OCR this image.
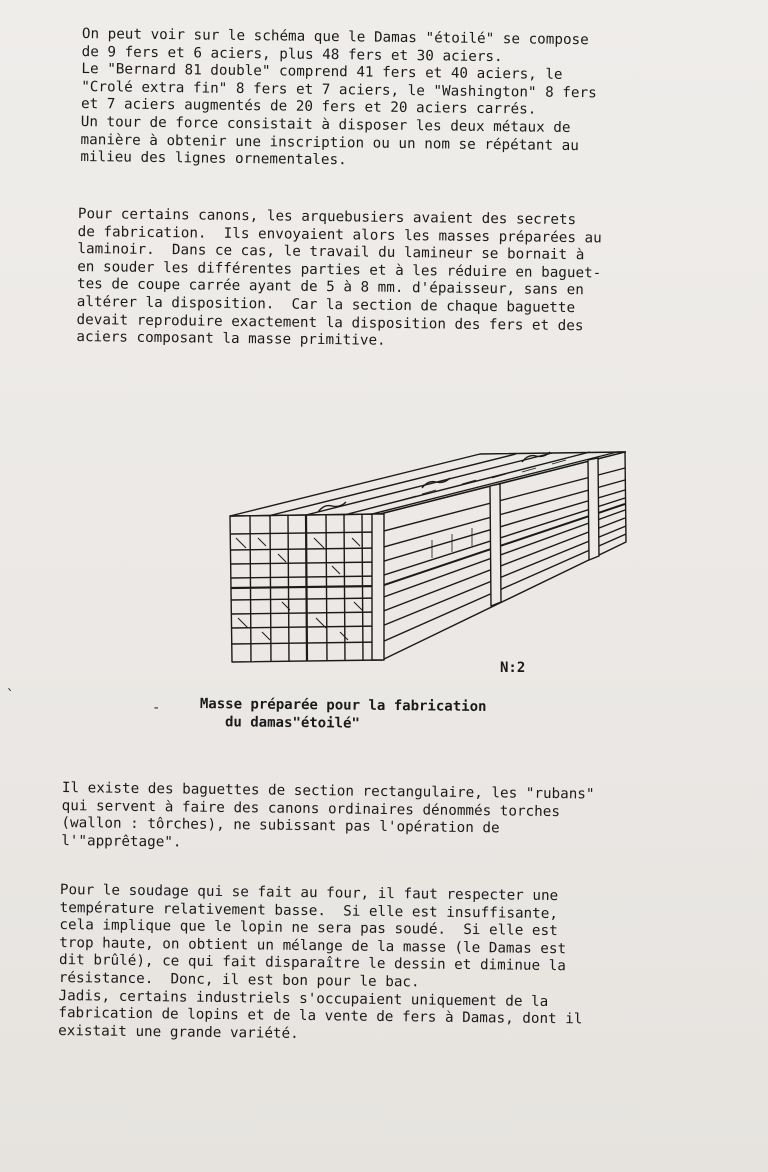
On peut voir sur le schéma que le Damas "étoilé" se compose
de 9 fers et 6 aciers, plus 48 fers et 30 aciers.
Le "Bernard 81 double" comprend 41 fers et 40 aciers, le
"Crolé extra fin" 8 fers et 7 aciers, le "Washington" 8 fers
et 7 aciers augmentés de 20 fers et 20 aciers carrés.
Un tour de force consistait à disposer les deux métaux de
manière à obtenir une inscription ou un nom se répétant au
milieu des lignes ornementales.
Pour certains canons, les arquebusiers avaient des secrets
de fabrication.  Ils envoyaient alors les masses préparées au
laminoir.  Dans ce cas, le travail du lamineur se bornait à
en souder les différentes parties et à les réduire en baguet-
tes de coupe carrée ayant de 5 à 8 mm. d'épaisseur, sans en
altérer la disposition.  Car la section de chaque baguette
devait reproduire exactement la disposition des fers et des
aciers composant la masse primitive.
N:2
Masse préparée pour la fabrication
du damas"étoilé"
-
`
Il existe des baguettes de section rectangulaire, les "rubans"
qui servent à faire des canons ordinaires dénommés torches
(wallon : tôrches), ne subissant pas l'opération de
l'"apprêtage".
Pour le soudage qui se fait au four, il faut respecter une
température relativement basse.  Si elle est insuffisante,
cela implique que le lopin ne sera pas soudé.  Si elle est
trop haute, on obtient un mélange de la masse (le Damas est
dit brûlé), ce qui fait disparaître le dessin et diminue la
résistance.  Donc, il est bon pour le bac.
Jadis, certains industriels s'occupaient uniquement de la
fabrication de lopins et de la vente de fers à Damas, dont il
existait une grande variété.
